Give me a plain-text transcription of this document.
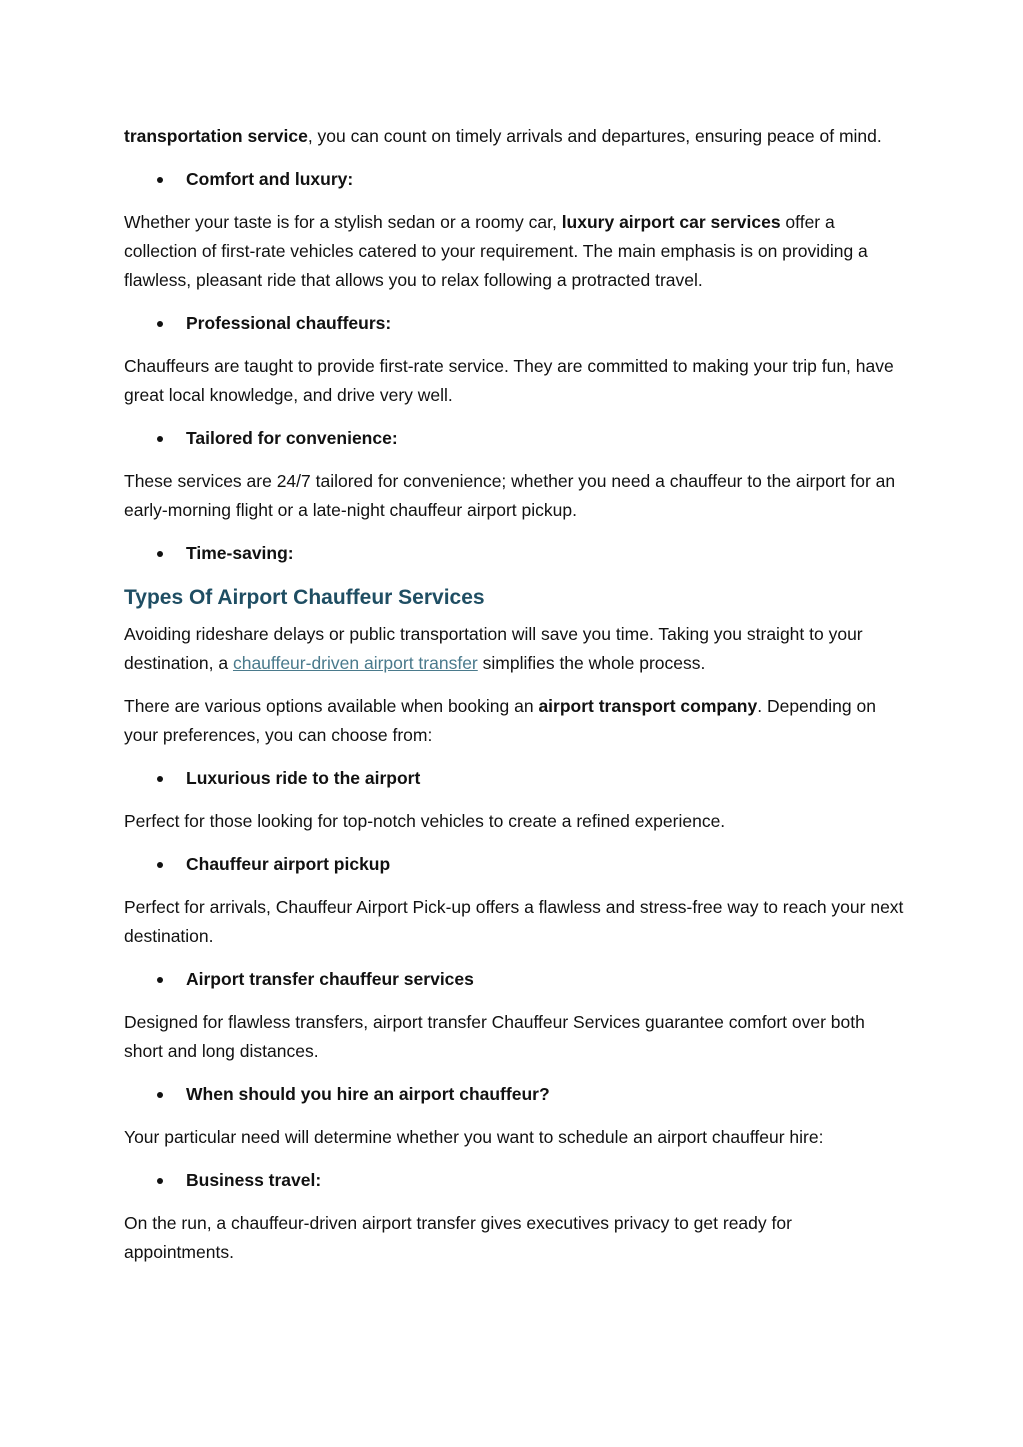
transportation service, you can count on timely arrivals and departures, ensuring peace of mind.

Comfort and luxury:

Whether your taste is for a stylish sedan or a roomy car, luxury airport car services offer a collection of first-rate vehicles catered to your requirement. The main emphasis is on providing a flawless, pleasant ride that allows you to relax following a protracted travel.

Professional chauffeurs:

Chauffeurs are taught to provide first-rate service. They are committed to making your trip fun, have great local knowledge, and drive very well.

Tailored for convenience:

These services are 24/7 tailored for convenience; whether you need a chauffeur to the airport for an early-morning flight or a late-night chauffeur airport pickup.

Time-saving:
Types Of Airport Chauffeur Services

Avoiding rideshare delays or public transportation will save you time. Taking you straight to your destination, a chauffeur-driven airport transfer simplifies the whole process.

There are various options available when booking an airport transport company. Depending on your preferences, you can choose from:

Luxurious ride to the airport

Perfect for those looking for top-notch vehicles to create a refined experience.

Chauffeur airport pickup

Perfect for arrivals, Chauffeur Airport Pick-up offers a flawless and stress-free way to reach your next destination.

Airport transfer chauffeur services

Designed for flawless transfers, airport transfer Chauffeur Services guarantee comfort over both short and long distances.

When should you hire an airport chauffeur?

Your particular need will determine whether you want to schedule an airport chauffeur hire:

Business travel:

On the run, a chauffeur-driven airport transfer gives executives privacy to get ready for appointments.
